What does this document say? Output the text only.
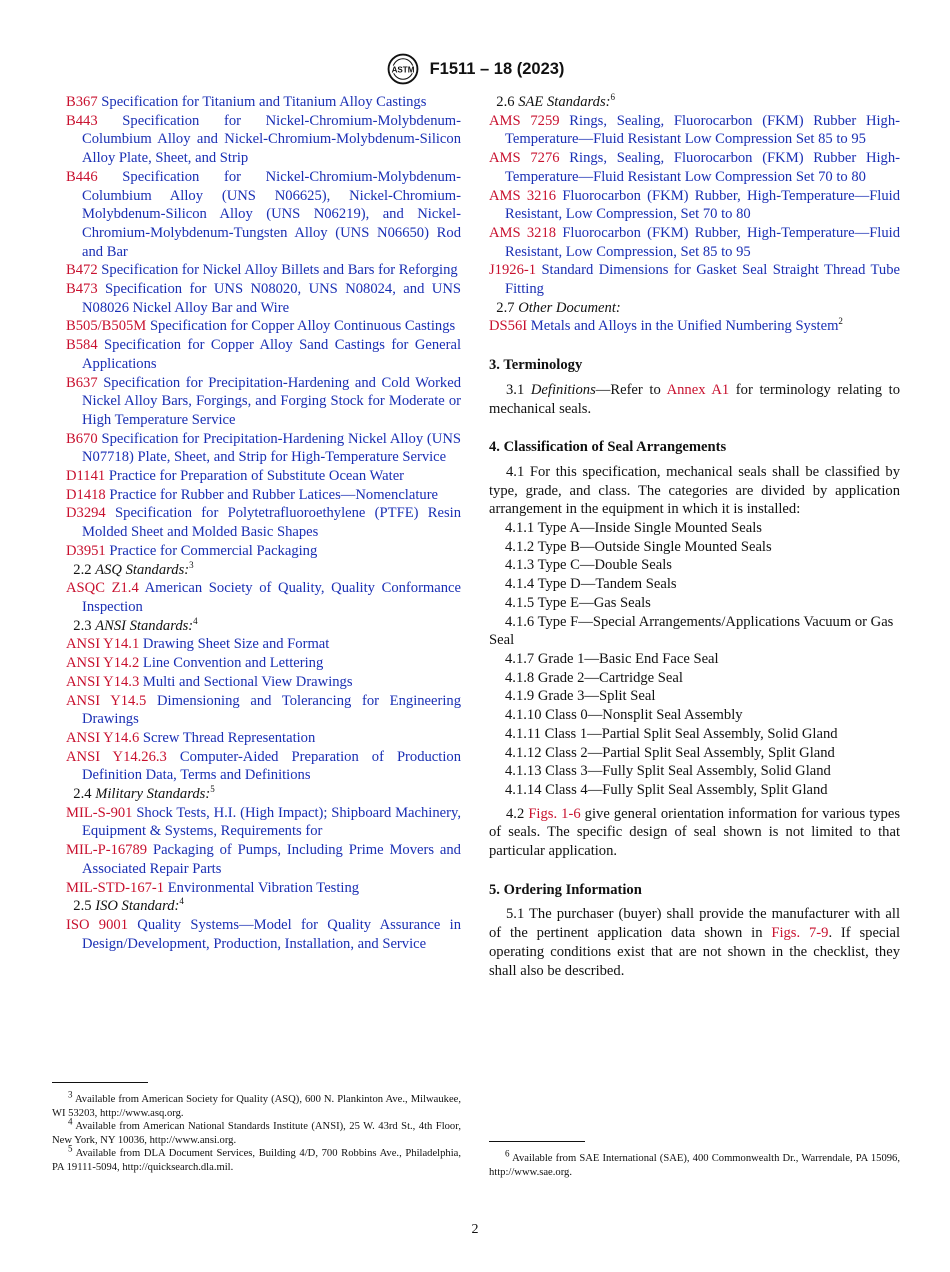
ASTM F1511 – 18 (2023)

B367 Specification for Titanium and Titanium Alloy Castings

B443 Specification for Nickel-Chromium-Molybdenum-Columbium Alloy and Nickel-Chromium-Molybdenum-Silicon Alloy Plate, Sheet, and Strip

B446 Specification for Nickel-Chromium-Molybdenum-Columbium Alloy (UNS N06625), Nickel-Chromium-Molybdenum-Silicon Alloy (UNS N06219), and Nickel-Chromium-Molybdenum-Tungsten Alloy (UNS N06650) Rod and Bar

B472 Specification for Nickel Alloy Billets and Bars for Reforging

B473 Specification for UNS N08020, UNS N08024, and UNS N08026 Nickel Alloy Bar and Wire

B505/B505M Specification for Copper Alloy Continuous Castings

B584 Specification for Copper Alloy Sand Castings for General Applications

B637 Specification for Precipitation-Hardening and Cold Worked Nickel Alloy Bars, Forgings, and Forging Stock for Moderate or High Temperature Service

B670 Specification for Precipitation-Hardening Nickel Alloy (UNS N07718) Plate, Sheet, and Strip for High-Temperature Service

D1141 Practice for Preparation of Substitute Ocean Water

D1418 Practice for Rubber and Rubber Latices—Nomenclature

D3294 Specification for Polytetrafluoroethylene (PTFE) Resin Molded Sheet and Molded Basic Shapes

D3951 Practice for Commercial Packaging

2.2 ASQ Standards:$^3$

ASQC Z1.4 American Society of Quality, Quality Conformance Inspection

2.3 ANSI Standards:$^4$

ANSI Y14.1 Drawing Sheet Size and Format

ANSI Y14.2 Line Convention and Lettering

ANSI Y14.3 Multi and Sectional View Drawings

ANSI Y14.5 Dimensioning and Tolerancing for Engineering Drawings

ANSI Y14.6 Screw Thread Representation

ANSI Y14.26.3 Computer-Aided Preparation of Production Definition Data, Terms and Definitions

2.4 Military Standards:$^5$

MIL-S-901 Shock Tests, H.I. (High Impact); Shipboard Machinery, Equipment & Systems, Requirements for

MIL-P-16789 Packaging of Pumps, Including Prime Movers and Associated Repair Parts

MIL-STD-167-1 Environmental Vibration Testing

2.5 ISO Standard:$^4$

ISO 9001 Quality Systems—Model for Quality Assurance in Design/Development, Production, Installation, and Service

$^3$ Available from American Society for Quality (ASQ), 600 N. Plankinton Ave., Milwaukee, WI 53203, http://www.asq.org.

$^4$ Available from American National Standards Institute (ANSI), 25 W. 43rd St., 4th Floor, New York, NY 10036, http://www.ansi.org.

$^5$ Available from DLA Document Services, Building 4/D, 700 Robbins Ave., Philadelphia, PA 19111-5094, http://quicksearch.dla.mil.

2.6 SAE Standards:$^6$

AMS 7259 Rings, Sealing, Fluorocarbon (FKM) Rubber High-Temperature—Fluid Resistant Low Compression Set 85 to 95

AMS 7276 Rings, Sealing, Fluorocarbon (FKM) Rubber High-Temperature—Fluid Resistant Low Compression Set 70 to 80

AMS 3216 Fluorocarbon (FKM) Rubber, High-Temperature—Fluid Resistant, Low Compression, Set 70 to 80

AMS 3218 Fluorocarbon (FKM) Rubber, High-Temperature—Fluid Resistant, Low Compression, Set 85 to 95

J1926-1 Standard Dimensions for Gasket Seal Straight Thread Tube Fitting

2.7 Other Document:

DS56I Metals and Alloys in the Unified Numbering System$^2$

3. Terminology

3.1 Definitions—Refer to Annex A1 for terminology relating to mechanical seals.

4. Classification of Seal Arrangements

4.1 For this specification, mechanical seals shall be classified by type, grade, and class. The categories are divided by application arrangement in the equipment in which it is installed:

4.1.1 Type A—Inside Single Mounted Seals

4.1.2 Type B—Outside Single Mounted Seals

4.1.3 Type C—Double Seals

4.1.4 Type D—Tandem Seals

4.1.5 Type E—Gas Seals

4.1.6 Type F—Special Arrangements/Applications Vacuum or Gas Seal

4.1.7 Grade 1—Basic End Face Seal

4.1.8 Grade 2—Cartridge Seal

4.1.9 Grade 3—Split Seal

4.1.10 Class 0—Nonsplit Seal Assembly

4.1.11 Class 1—Partial Split Seal Assembly, Solid Gland

4.1.12 Class 2—Partial Split Seal Assembly, Split Gland

4.1.13 Class 3—Fully Split Seal Assembly, Solid Gland

4.1.14 Class 4—Fully Split Seal Assembly, Split Gland

4.2 Figs. 1-6 give general orientation information for various types of seals. The specific design of seal shown is not limited to that particular application.

5. Ordering Information

5.1 The purchaser (buyer) shall provide the manufacturer with all of the pertinent application data shown in Figs. 7-9. If special operating conditions exist that are not shown in the checklist, they shall also be described.

$^6$ Available from SAE International (SAE), 400 Commonwealth Dr., Warrendale, PA 15096, http://www.sae.org.

2
